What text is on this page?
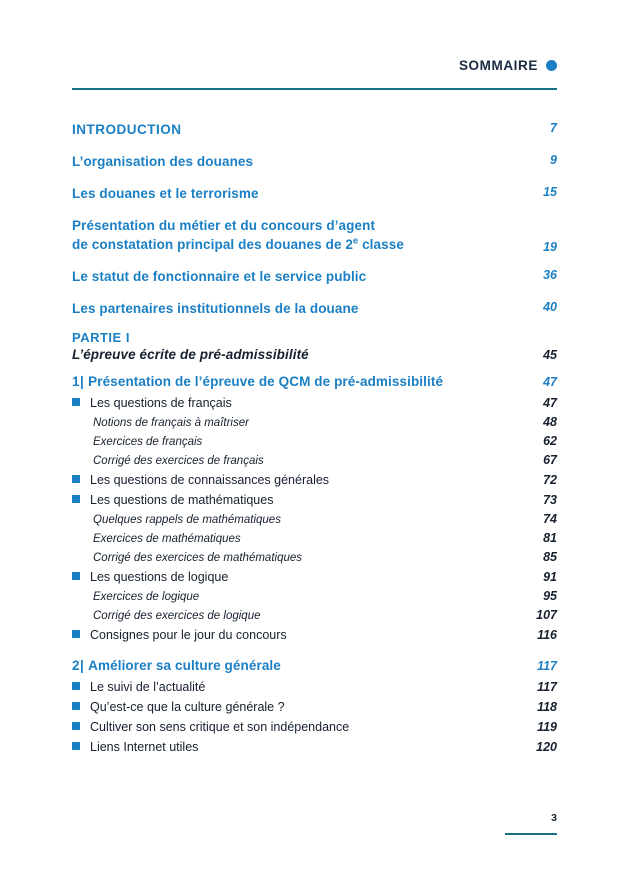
SOMMAIRE
INTRODUCTION	7
L’organisation des douanes	9
Les douanes et le terrorisme	15
Présentation du métier et du concours d’agent
de constatation principal des douanes de 2e classe	19
Le statut de fonctionnaire et le service public	36
Les partenaires institutionnels de la douane	40
PARTIE I
L’épreuve écrite de pré-admissibilité	45
1| Présentation de l’épreuve de QCM de pré-admissibilité	47
Les questions de français	47
Notions de français à maîtriser	48
Exercices de français	62
Corrigé des exercices de français	67
Les questions de connaissances générales	72
Les questions de mathématiques	73
Quelques rappels de mathématiques	74
Exercices de mathématiques	81
Corrigé des exercices de mathématiques	85
Les questions de logique	91
Exercices de logique	95
Corrigé des exercices de logique	107
Consignes pour le jour du concours	116
2| Améliorer sa culture générale	117
Le suivi de l’actualité	117
Qu’est-ce que la culture générale ?	118
Cultiver son sens critique et son indépendance	119
Liens Internet utiles	120
3
